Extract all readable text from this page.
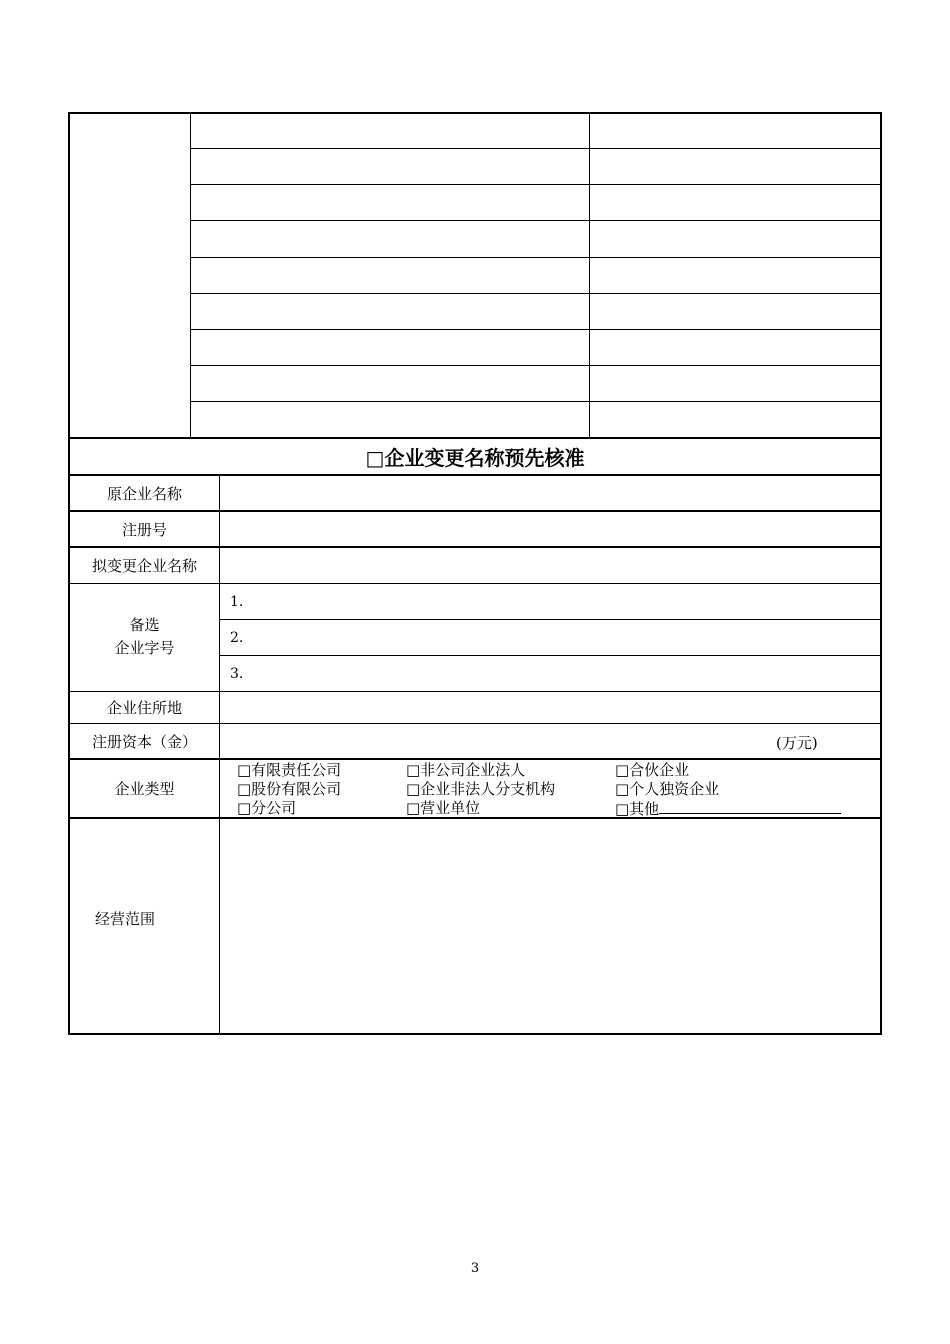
□企业变更名称预先核准
原企业名称
注册号
拟变更企业名称
备选
企业字号
1.
2.
3.
企业住所地
注册资本（金）	(万元)
企业类型
□有限责任公司	□非公司企业法人	□合伙企业
□股份有限公司	□企业非法人分支机构	□个人独资企业
□分公司	□营业单位	□其他
经营范围
3
